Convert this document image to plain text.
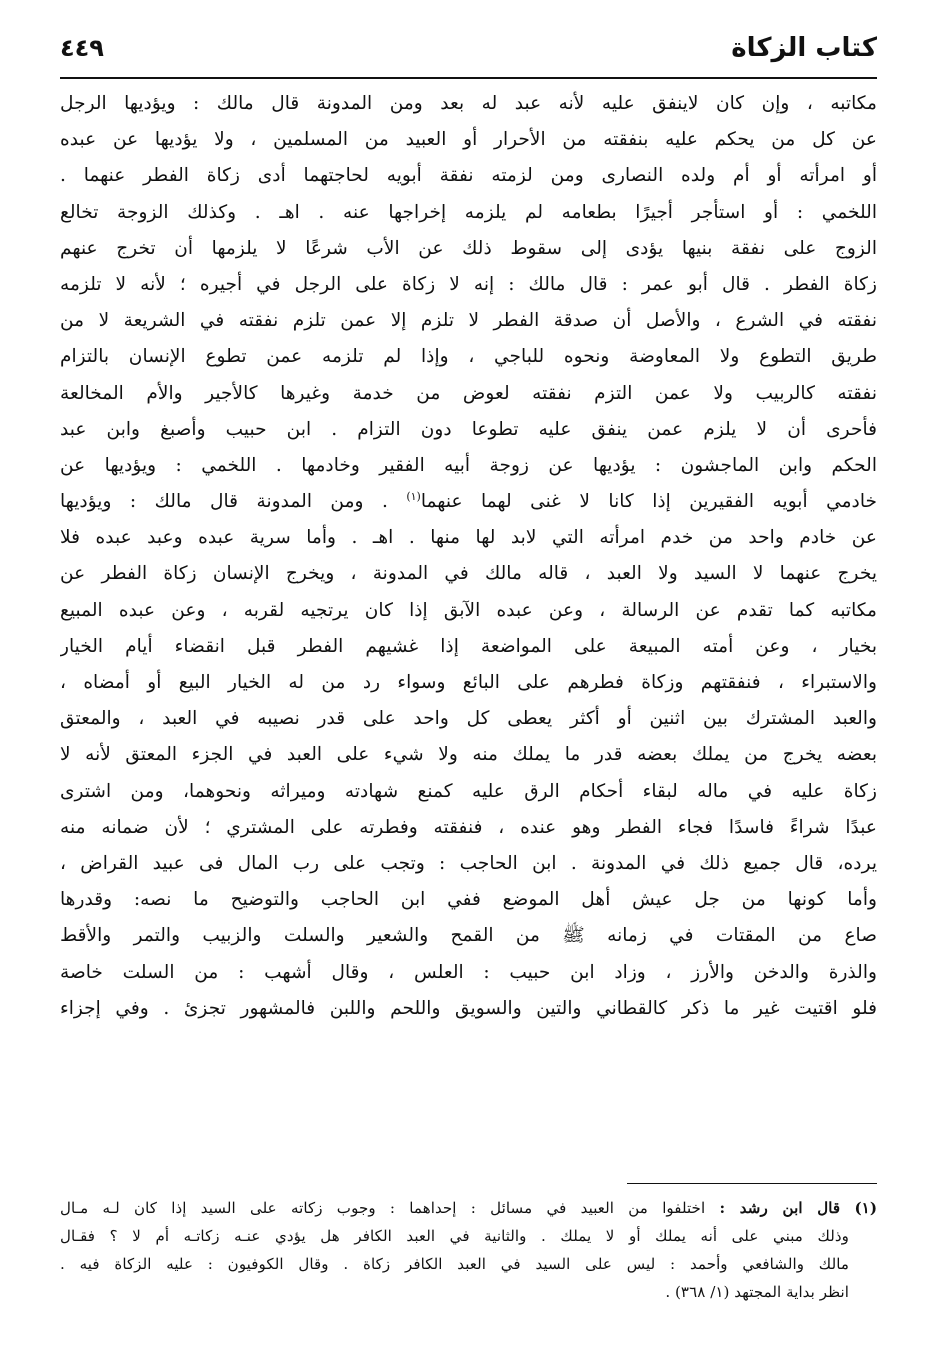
كتاب الزكاة
٤٤٩
مكاتبه ، وإن كان لاينفق عليه لأنه عبد له بعد ومن المدونة قال مالك : ويؤديها الرجل
عن كل من يحكم عليه بنفقته من الأحرار أو العبيد من المسلمين ، ولا يؤديها عن عبده
أو امرأته أو أم ولده النصارى ومن لزمته نفقة أبويه لحاجتهما أدى زكاة الفطر عنهما .
اللخمي : أو استأجر أجيرًا بطعامه لم يلزمه إخراجها عنه . اهـ . وكذلك الزوجة تخالع
الزوج على نفقة بنيها يؤدى إلى سقوط ذلك عن الأب شرعًا لا يلزمها أن تخرج عنهم
زكاة الفطر . قال أبو عمر : قال مالك : إنه لا زكاة على الرجل في أجيره ؛ لأنه لا تلزمه
نفقته في الشرع ، والأصل أن صدقة الفطر لا تلزم إلا عمن تلزم نفقته في الشريعة لا من
طريق التطوع ولا المعاوضة ونحوه للباجي ، وإذا لم تلزمه عمن تطوع الإنسان بالتزام
نفقته كالربيب ولا عمن التزم نفقته لعوض من خدمة وغيرها كالأجير والأم المخالعة
فأحرى أن لا يلزم عمن ينفق عليه تطوعا دون التزام . ابن حبيب وأصبغ وابن عبد
الحكم وابن الماجشون : يؤديها عن زوجة أبيه الفقير وخادمها . اللخمي : ويؤديها عن
خادمي أبويه الفقيرين إذا كانا لا غنى لهما عنهما$^{(١)}$ . ومن المدونة قال مالك : ويؤديها
عن خادم واحد من خدم امرأته التي لابد لها منها . اهـ . وأما سرية عبده وعبد عبده فلا
يخرج عنهما لا السيد ولا العبد ، قاله مالك في المدونة ، ويخرج الإنسان زكاة الفطر عن
مكاتبه كما تقدم عن الرسالة ، وعن عبده الآبق إذا كان يرتجيه لقربه ، وعن عبده المبيع
بخيار ، وعن أمته المبيعة على المواضعة إذا غشيهم الفطر قبل انقضاء أيام الخيار
والاستبراء ، فنفقتهم وزكاة فطرهم على البائع وسواء رد من له الخيار البيع أو أمضاه ،
والعبد المشترك بين اثنين أو أكثر يعطى كل واحد على قدر نصيبه في العبد ، والمعتق
بعضه يخرج من يملك بعضه قدر ما يملك منه ولا شيء على العبد في الجزء المعتق لأنه لا
زكاة عليه في ماله لبقاء أحكام الرق عليه كمنع شهادته وميراثه ونحوهما، ومن اشترى
عبدًا شراءً فاسدًا فجاء الفطر وهو عنده ، فنفقته وفطرته على المشتري ؛ لأن ضمانه منه
يرده، قال جميع ذلك في المدونة . ابن الحاجب : وتجب على رب المال فى عبيد القراض ،
وأما كونها من جل عيش أهل الموضع ففي ابن الحاجب والتوضيح ما نصه: وقدرها
صاع من المقتات في زمانه ﷺ من القمح والشعير والسلت والزبيب والتمر والأقط
والذرة والدخن والأرز ، وزاد ابن حبيب : العلس ، وقال أشهب : من السلت خاصة
فلو اقتيت غير ما ذكر كالقطاني والتين والسويق واللحم واللبن فالمشهور تجزئ . وفي إجزاء
(١) قال ابن رشد : اختلفوا من العبيد في مسائل : إحداهما : وجوب زكاته على السيد إذا كان لـه مـال
وذلك مبني على أنه يملك أو لا يملك . والثانية في العبد الكافر هل يؤدي عنـه زكاتـه أم لا ؟ فقـال
مالك والشافعي وأحمد : ليس على السيد في العبد الكافر زكاة . وقال الكوفيون : عليه الزكاة فيه .
انظر بداية المجتهد (١/ ٣٦٨) .
